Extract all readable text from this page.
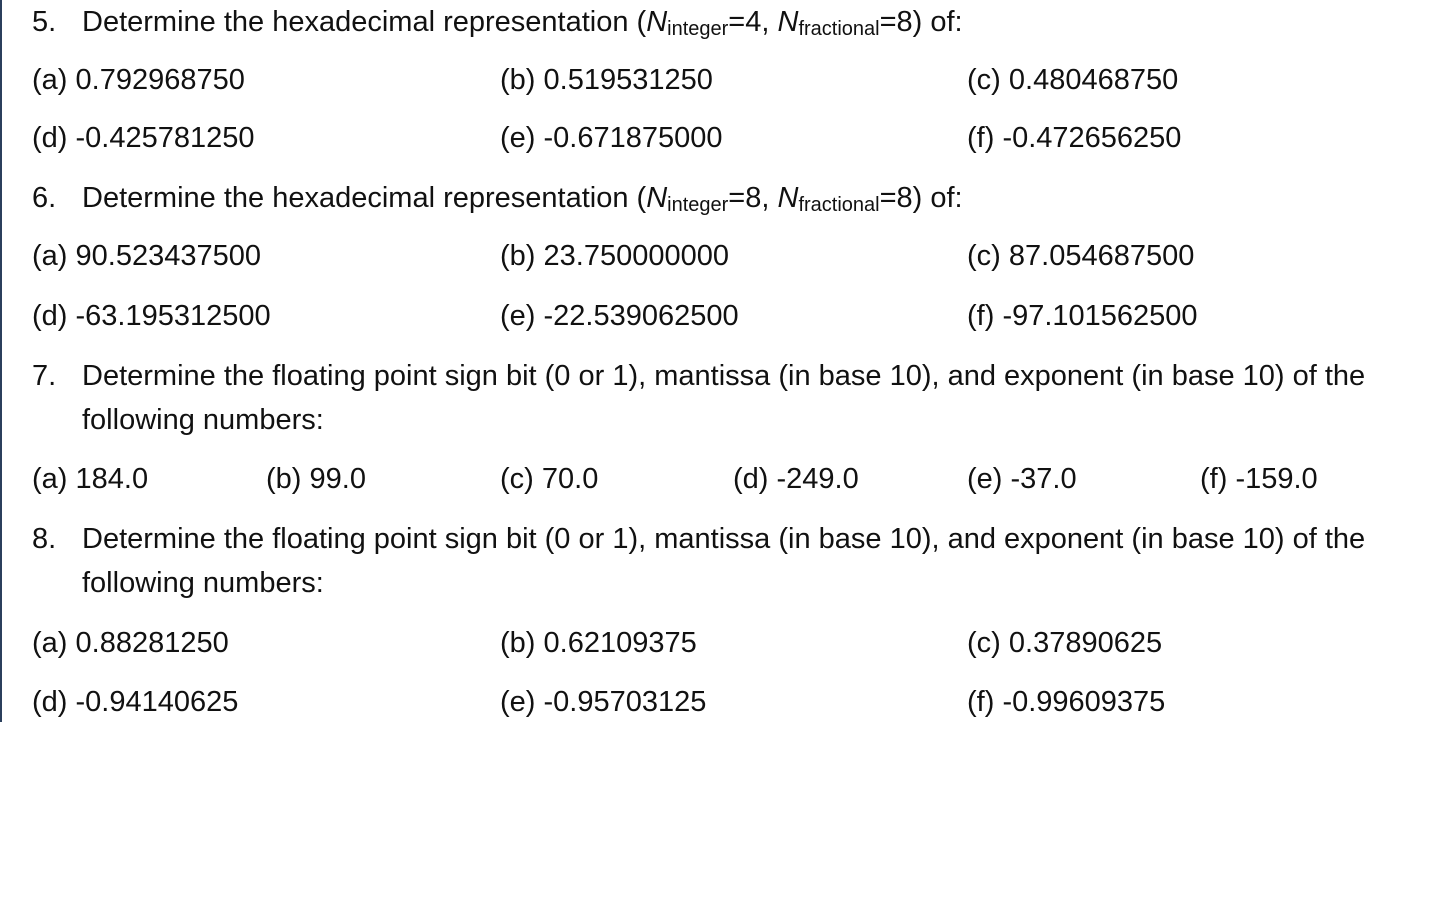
5. Determine the hexadecimal representation (Ninteger=4, Nfractional=8) of:
(a) 0.792968750	(b) 0.519531250	(c) 0.480468750
(d) -0.425781250	(e) -0.671875000	(f) -0.472656250
6. Determine the hexadecimal representation (Ninteger=8, Nfractional=8) of:
(a) 90.523437500	(b) 23.750000000	(c) 87.054687500
(d) -63.195312500	(e) -22.539062500	(f) -97.101562500
7. Determine the floating point sign bit (0 or 1), mantissa (in base 10), and exponent (in base 10) of the
following numbers:
(a) 184.0	(b) 99.0	(c) 70.0	(d) -249.0	(e) -37.0	(f) -159.0
8. Determine the floating point sign bit (0 or 1), mantissa (in base 10), and exponent (in base 10) of the
following numbers:
(a) 0.88281250	(b) 0.62109375	(c) 0.37890625
(d) -0.94140625	(e) -0.95703125	(f) -0.99609375
